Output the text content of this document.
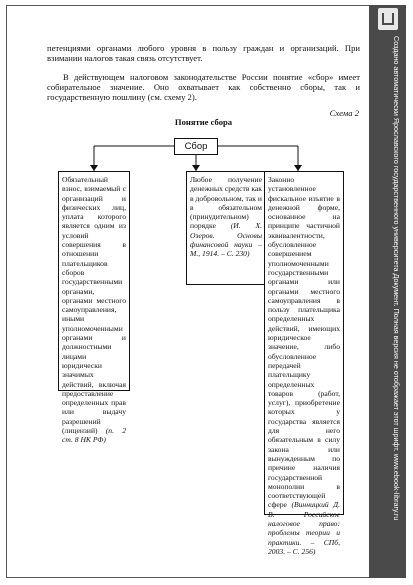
Создано автоматически Ярославского государственного университета Документ. Полная версия не отображает этот шрифт. www.ebook-library.ru
петенциями органами любого уровня в пользу граждан и организаций. При взимании налогов такая связь отсутствует.
В действующем налоговом законодательстве России понятие «сбор» имеет собирательное значение. Оно охватывает как собственно сборы, так и государственную пошлину (см. схему 2).
Схема 2
Понятие сбора
Сбор
Обязательный взнос, взимаемый с организаций и физических лиц, уплата которого является одним из условий совершения в отношении плательщиков сборов государственными органами, органами местного самоуправления, иными уполномоченными органами и должностными лицами юридически значимых действий, включая предоставление определенных прав или выдачу разрешений (лицензий) (п. 2 ст. 8 НК РФ)
Любое получение денежных средств как в добровольном, так и в обязательном (принудительном) порядке (И. Х. Озеров. Основы финансовой науки – М., 1914. – С. 230)
Законно установленное фискальное изъятие в денежной форме, основанное на принципе частичной эквивалентности, обусловленное совершением уполномоченными государственными органами или органами местного самоуправления в пользу плательщика определенных действий, имеющих юридическое значение, либо обусловленное передачей плательщику определенных товаров (работ, услуг), приобретение которых у государства является для него обязательным в силу закона или вынужденным по причине наличия государственной монополии в соответствующей сфере (Винницкий Д. В. Российское налоговое право: проблемы теории и практики. – СПб, 2003. – С. 256)
